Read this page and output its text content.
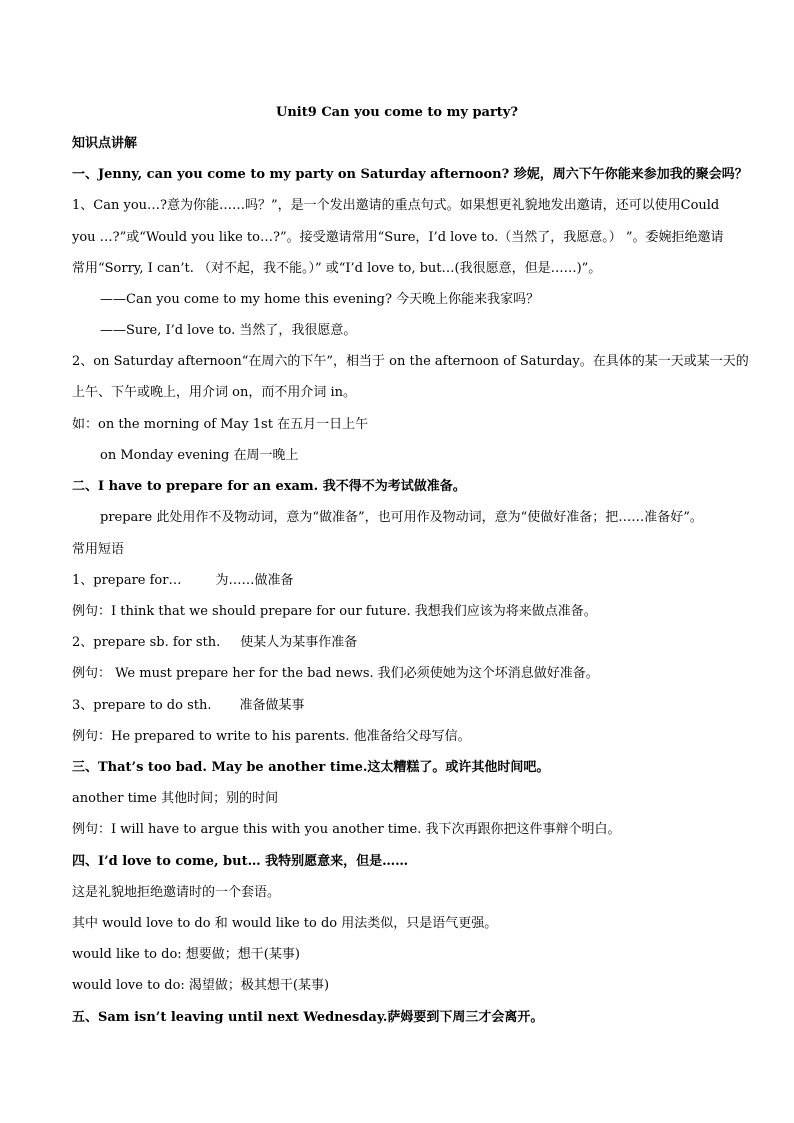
Unit9 Can you come to my party?
知识点讲解
一、Jenny, can you come to my party on Saturday afternoon? 珍妮，周六下午你能来参加我的聚会吗？
1、Can you…?意为你能……吗？”，是一个发出邀请的重点句式。如果想更礼貌地发出邀请，还可以使用Could
you …?”或“Would you like to…?”。接受邀请常用“Sure，I’d love to.（当然了，我愿意。） ”。委婉拒绝邀请
常用“Sorry, I can’t. （对不起，我不能。）” 或“I’d love to, but…(我很愿意，但是……)”。
——Can you come to my home this evening? 今天晚上你能来我家吗？
——Sure, I’d love to. 当然了，我很愿意。
2、on Saturday afternoon“在周六的下午”，相当于 on the afternoon of Saturday。在具体的某一天或某一天的
上午、下午或晚上，用介词 on，而不用介词 in。
如：on the morning of May 1st 在五月一日上午
on Monday evening 在周一晚上
二、I have to prepare for an exam. 我不得不为考试做准备。
prepare 此处用作不及物动词，意为“做准备”，也可用作及物动词，意为“使做好准备；把……准备好”。
常用短语
1、prepare for…	为……做准备
例句：I think that we should prepare for our future. 我想我们应该为将来做点准备。
2、prepare sb. for sth. 使某人为某事作准备
例句： We must prepare her for the bad news. 我们必须使她为这个坏消息做好准备。
3、prepare to do sth. 准备做某事
例句：He prepared to write to his parents. 他准备给父母写信。
三、That’s too bad. May be another time.这太糟糕了。或许其他时间吧。
another time 其他时间；别的时间
例句：I will have to argue this with you another time. 我下次再跟你把这件事辩个明白。
四、I’d love to come, but… 我特别愿意来，但是……
这是礼貌地拒绝邀请时的一个套语。
其中 would love to do 和 would like to do 用法类似，只是语气更强。
would like to do: 想要做；想干(某事)
would love to do: 渴望做；极其想干(某事)
五、Sam isn’t leaving until next Wednesday.萨姆要到下周三才会离开。
